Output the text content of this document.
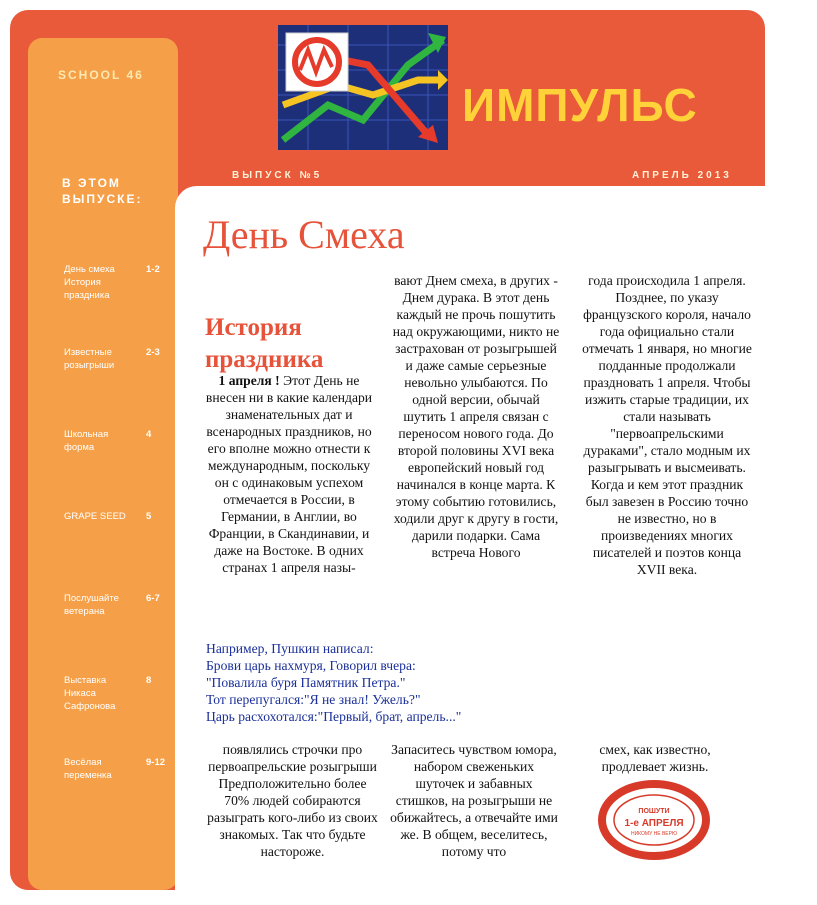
SCHOOL 46

ИМПУЛЬС

ВЫПУСК №5	АПРЕЛЬ 2013

В ЭТОМ ВЫПУСКЕ:

День смеха История праздника
1-2
Известные розыгрыши
2-3
Школьная форма
4
GRAPE SEED	5
Послушайте ветерана
6-7
Выставка Никаса Сафронова
8
Весёлая переменка
9-12
День Смеха
История праздника

1 апреля ! Этот День не внесен ни в какие календари знаменательных дат и всенародных праздников, но его вполне можно отнести к международным, поскольку он с одинаковым успехом отмечается в России, в Германии, в Англии, во Франции, в Скандинавии, и даже на Востоке. В одних странах 1 апреля назы-

вают Днем смеха, в других - Днем дурака. В этот день каждый не прочь пошутить над окружающими, никто не застрахован от розыгрышей и даже самые серьезные невольно улыбаются. По одной версии, обычай шутить 1 апреля связан с переносом нового года. До второй половины XVI века европейский новый год начинался в конце марта. К этому событию готовились, ходили друг к другу в гости, дарили подарки. Сама встреча Нового

года происходила 1 апреля. Позднее, по указу французского короля, начало года официально стали отмечать 1 января, но многие подданные продолжали праздновать 1 апреля. Чтобы изжить старые традиции, их стали называть "первоапрельскими дураками", стало модным их разыгрывать и высмеивать. Когда и кем этот праздник был завезен в Россию точно не известно, но в произведениях многих писателей и поэтов конца XVII века.

Например, Пушкин написал:

Брови царь нахмуря, Говорил вчера:

"Повалила буря Памятник Петра."

Тот перепугался:"Я не знал! Ужель?"

Царь расхохотался:"Первый, брат, апрель..."

появлялись строчки про первоапрельские розыгрыши Предположительно более 70% людей собираются разыграть кого-либо из своих знакомых. Так что будьте настороже.

Запаситесь чувством юмора, набором свеженьких шуточек и забавных стишков, на розыгрыши не обижайтесь, а отвечайте ими же. В общем, веселитесь, потому что

смех, как известно, продлевает жизнь.

ПОШУТИ
1-е АПРЕЛЯ
НИКОМУ НЕ ВЕРЮ
